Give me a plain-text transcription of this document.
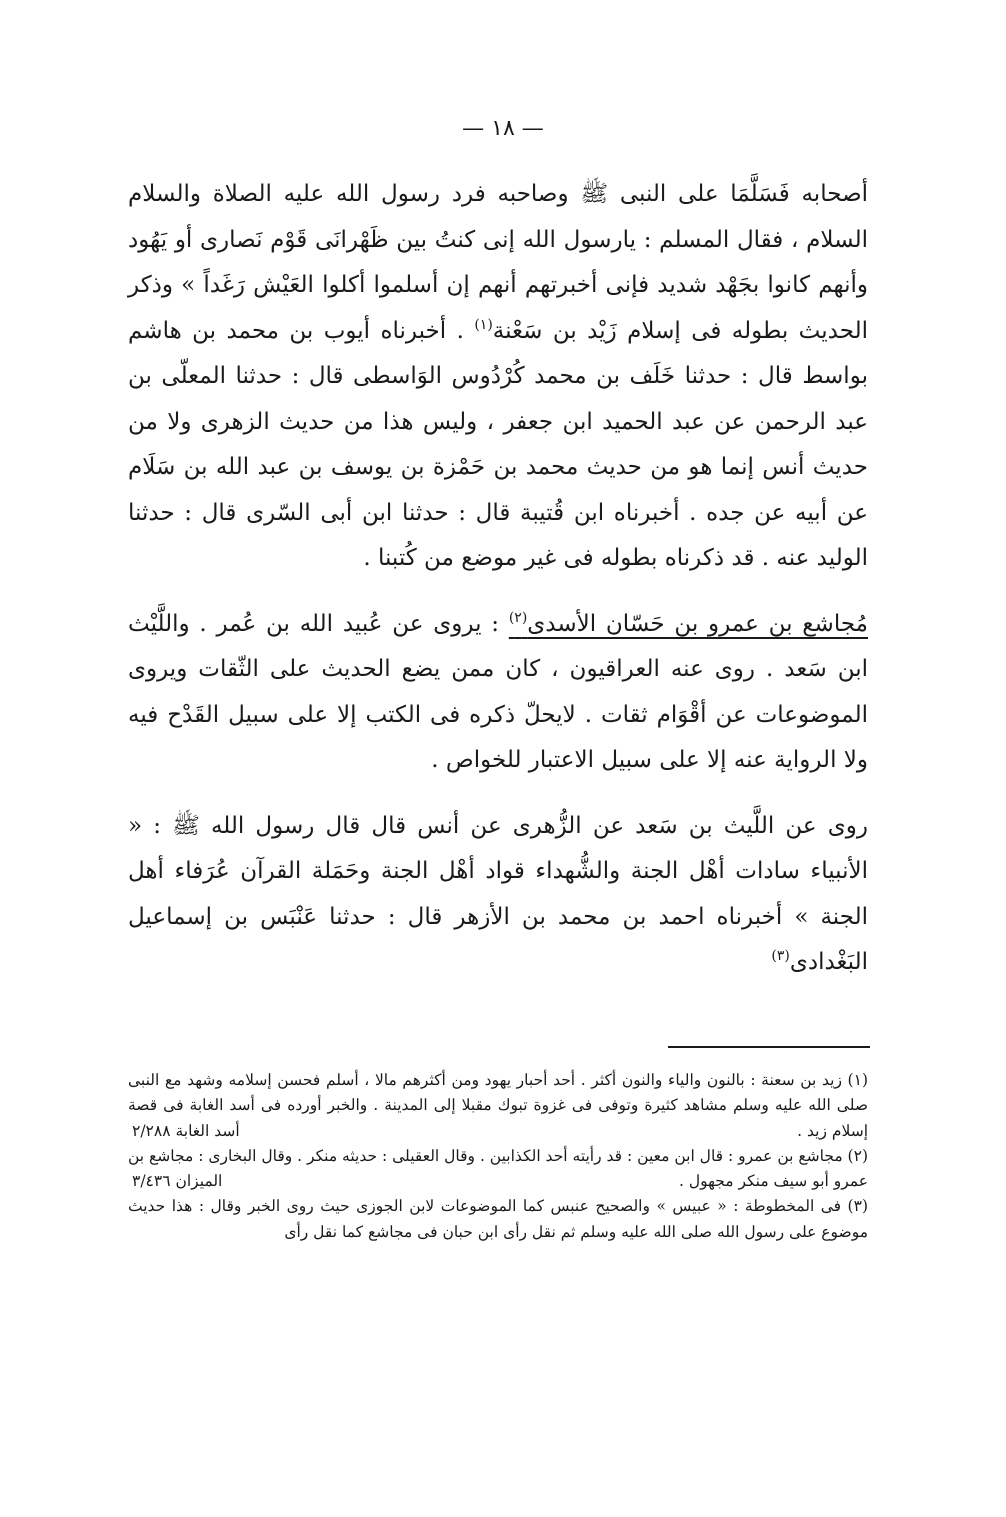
— ١٨ —

أصحابه فَسَلَّمَا على النبى ﷺ وصاحبه فرد رسول الله عليه الصلاة والسلام السلام ، فقال المسلم : يارسول الله إنى كنتُ بين ظَهْرانَى قَوْم نَصارى أو يَهُود وأنهم كانوا بجَهْد شديد فإنى أخبرتهم أنهم إن أسلموا أكلوا العَيْش رَغَداً » وذكر الحديث بطوله فى إسلام زَيْد بن سَعْنة$^{(١)}$ . أخبرناه أيوب بن محمد بن هاشم بواسط قال : حدثنا خَلَف بن محمد كُرْدُوس الوَاسطى قال : حدثنا المعلّى بن عبد الرحمن عن عبد الحميد ابن جعفر ، وليس هذا من حديث الزهرى ولا من حديث أنس إنما هو من حديث محمد بن حَمْزة بن يوسف بن عبد الله بن سَلَام عن أبيه عن جده . أخبرناه ابن قُتيبة قال : حدثنا ابن أبى السّرى قال : حدثنا الوليد عنه . قد ذكرناه بطوله فى غير موضع من كُتبنا .

مُجاشع بن عمرو بن حَسّان الأسدى$^{(٢)}$ : يروى عن عُبيد الله بن عُمر . واللَّيْث ابن سَعد . روى عنه العراقيون ، كان ممن يضع الحديث على الثّقات ويروى الموضوعات عن أقْوَام ثقات . لايحلّ ذكره فى الكتب إلا على سبيل القَدْح فيه ولا الرواية عنه إلا على سبيل الاعتبار للخواص .

روى عن اللَّيث بن سَعد عن الزُّهرى عن أنس قال قال رسول الله ﷺ : « الأنبياء سادات أهْل الجنة والشُّهداء قواد أهْل الجنة وحَمَلة القرآن عُرَفاء أهل الجنة » أخبرناه احمد بن محمد بن الأزهر قال : حدثنا عَنْبَس بن إسماعيل البَغْدادى$^{(٣)}$

(١) زيد بن سعنة : بالنون والياء والنون أكثر . أحد أحبار يهود ومن أكثرهم مالا ، أسلم فحسن إسلامه وشهد مع النبى صلى الله عليه وسلم مشاهد كثيرة وتوفى فى غزوة تبوك مقبلا إلى المدينة . والخبر أورده فى أسد الغابة فى قصة إسلام زيد .
أسد الغابة ٢/٢٨٨

(٢) مجاشع بن عمرو : قال ابن معين : قد رأيته أحد الكذابين . وقال العقيلى : حديثه منكر . وقال البخارى : مجاشع بن عمرو أبو سيف منكر مجهول .
الميزان ٣/٤٣٦

(٣) فى المخطوطة : « عبيس » والصحيح عنبس كما الموضوعات لابن الجوزى حيث روى الخبر وقال : هذا حديث موضوع على رسول الله صلى الله عليه وسلم ثم نقل رأى ابن حبان فى مجاشع كما نقل رأى
